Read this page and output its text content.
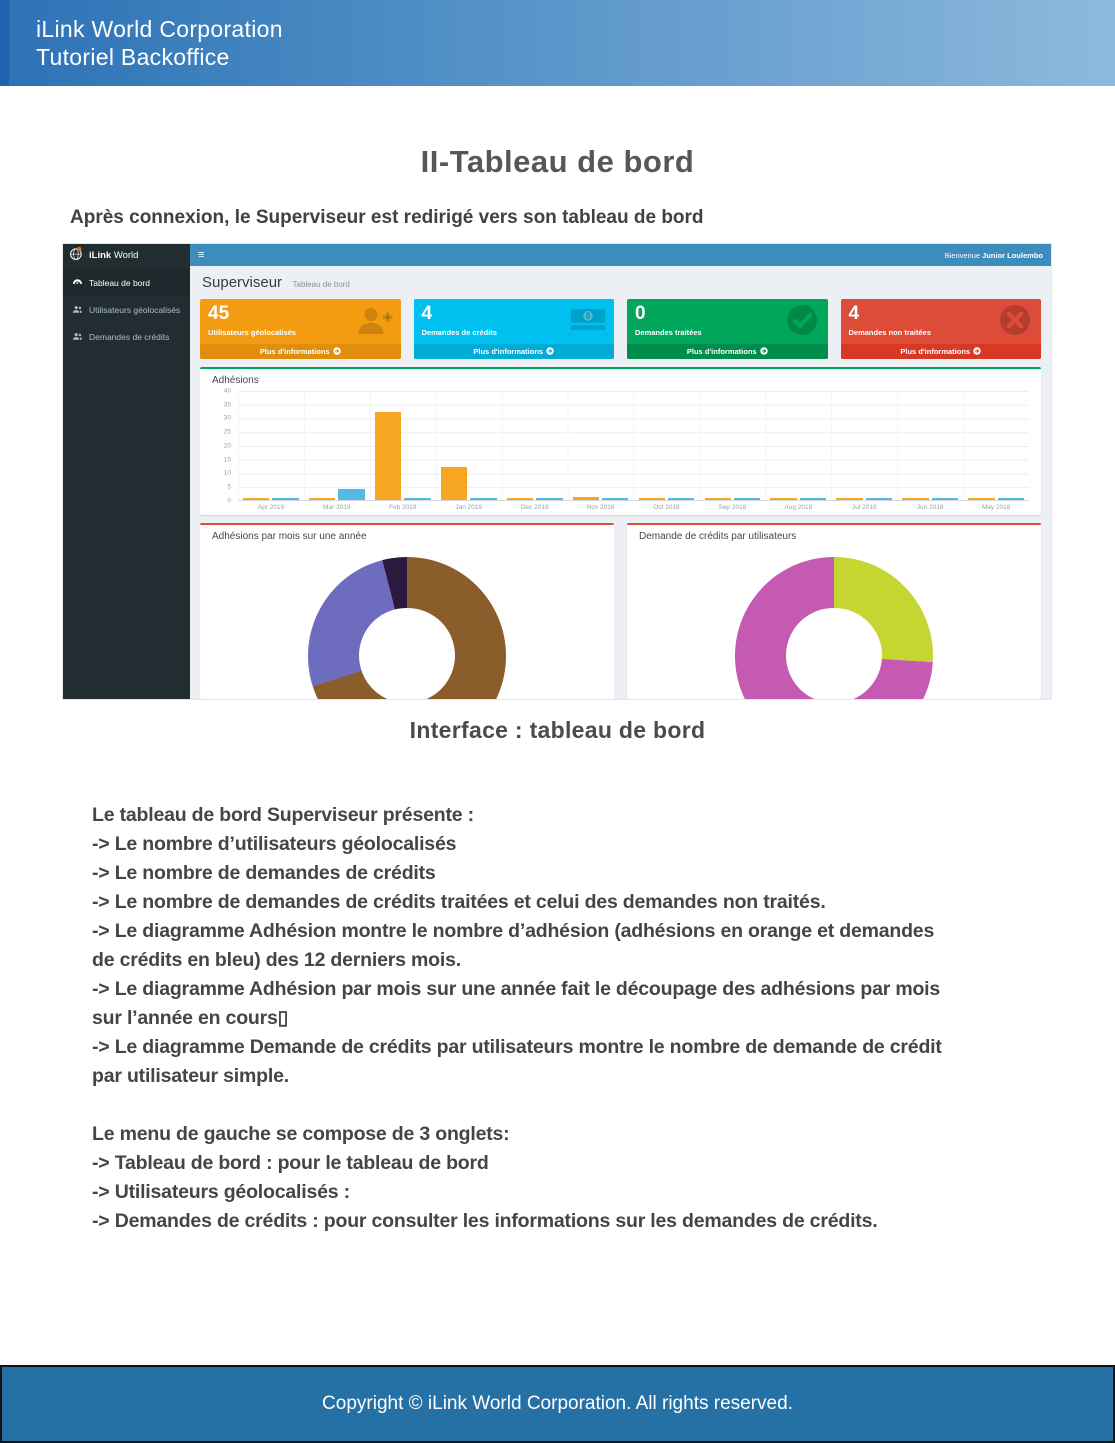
iLink World Corporation
Tutoriel Backoffice
II-Tableau de bord

Après connexion, le Superviseur est redirigé vers son tableau de bord

iLink World	≡	Bienvenue Junior Loulembo
Tableau de bord
Utilisateurs géolocalisés
Demandes de crédits
Superviseur Tableau de bord
45
Utilisateurs géolocalisés
Plus d'informations
4
Demandes de crédits
$
Plus d'informations
0
Demandes traitées
Plus d'informations
4
Demandes non traitées
Plus d'informations
Adhésions
0
5
10
15
20
25
30
35
40
Apr 2019	Mar 2019	Feb 2019	Jan 2019	Dec 2018	Nov 2018	Oct 2018	Sep 2018	Aug 2018	Jul 2018	Jun 2018	May 2018
Adhésions par mois sur une année	Demande de crédits par utilisateurs
Interface : tableau de bord
Le tableau de bord Superviseur présente :
-> Le nombre d’utilisateurs géolocalisés
-> Le nombre de demandes de crédits
-> Le nombre de demandes de crédits traitées et celui des demandes non traités.
-> Le diagramme Adhésion montre le nombre d’adhésion (adhésions en orange et demandes
de crédits en bleu) des 12 derniers mois.
-> Le diagramme Adhésion par mois sur une année fait le découpage des adhésions par mois
sur l’année en cours▯
-> Le diagramme Demande de crédits par utilisateurs montre le nombre de demande de crédit
par utilisateur simple.
Le menu de gauche se compose de 3 onglets:
-> Tableau de bord : pour le tableau de bord
-> Utilisateurs géolocalisés :
-> Demandes de crédits : pour consulter les informations sur les demandes de crédits.
Copyright © iLink World Corporation. All rights reserved.
